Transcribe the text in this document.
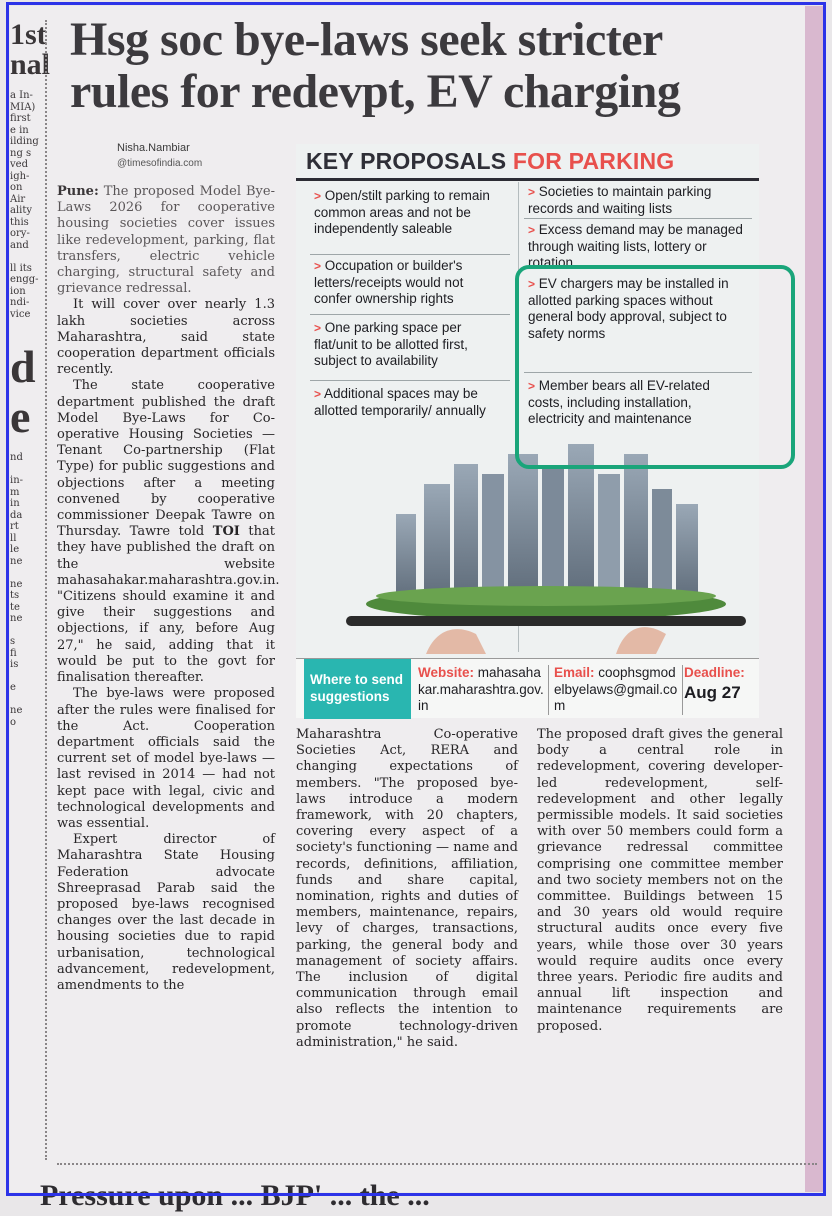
1st
nal
a In-
MIA)
first
e in
ilding
ng s
ved
igh-
on
Air
ality
this
ory-
and

ll its
engg-
ion
ndi-
vice
d
e
nd

in-
m
in
da
rt
ll
le
ne

ne
ts
te
ne

s
fi
is

e

ne
o
Hsg soc bye-laws seek stricter rules for redevpt, EV charging
Nisha.Nambiar
@timesofindia.com

Pune: The proposed Model Bye-Laws 2026 for cooperative housing societies cover issues like redevelopment, parking, flat transfers, electric vehicle charging, structural safety and grievance redressal.

It will cover over nearly 1.3 lakh societies across Maharashtra, said state cooperation department officials recently.

The state cooperative department published the draft Model Bye-Laws for Co-operative Housing Societies — Tenant Co-partnership (Flat Type) for public suggestions and objections after a meeting convened by cooperative commissioner Deepak Tawre on Thursday. Tawre told TOI that they have published the draft on the website mahasahakar.maharashtra.gov.in. "Citizens should examine it and give their suggestions and objections, if any, before Aug 27," he said, adding that it would be put to the govt for finalisation thereafter.

The bye-laws were proposed after the rules were finalised for the Act. Cooperation department officials said the current set of model bye-laws — last revised in 2014 — had not kept pace with legal, civic and technological developments and was essential.

Expert director of Maharashtra State Housing Federation advocate Shreeprasad Parab said the proposed bye-laws recognised changes over the last decade in housing societies due to rapid urbanisation, technological advancement, redevelopment, amendments to the

KEY PROPOSALS FOR PARKING
> Open/stilt parking to remain common areas and not be independently saleable
> Occupation or builder's letters/receipts would not confer ownership rights
> One parking space per flat/unit to be allotted first, subject to availability
> Additional spaces may be allotted temporarily/ annually
> Societies to maintain parking records and waiting lists
> Excess demand may be managed through waiting lists, lottery or rotation
> EV chargers may be installed in allotted parking spaces without general body approval, subject to safety norms
> Member bears all EV-related costs, including installation, electricity and maintenance
Where to send suggestions
Website: mahasahakar.maharashtra.gov.in
Email: coophsgmodelbyelaws@gmail.com
Deadline:
Aug 27

Maharashtra Co-operative Societies Act, RERA and changing expectations of members. "The proposed bye-laws introduce a modern framework, with 20 chapters, covering every aspect of a society's functioning — name and records, definitions, affiliation, funds and share capital, nomination, rights and duties of members, maintenance, repairs, levy of charges, transactions, parking, the general body and management of society affairs. The inclusion of digital communication through email also reflects the intention to promote technology-driven administration," he said.

The proposed draft gives the general body a central role in redevelopment, covering developer-led redevelopment, self-redevelopment and other legally permissible models. It said societies with over 50 members could form a grievance redressal committee comprising one committee member and two society members not on the committee. Buildings between 15 and 30 years old would require structural audits once every five years, while those over 30 years would require audits once every three years. Periodic fire audits and annual lift inspection and maintenance requirements are proposed.

Pressure upon ... BJP' ... the ...
